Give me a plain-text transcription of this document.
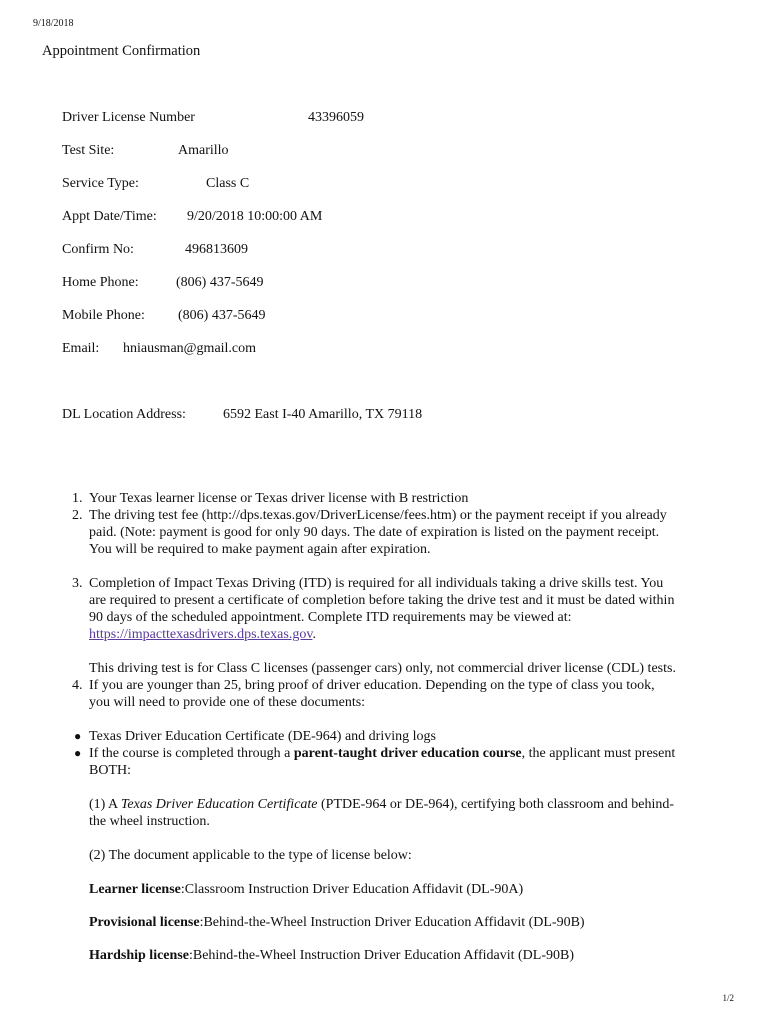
9/18/2018
Appointment Confirmation
Driver License Number	43396059
Test Site:	Amarillo
Service Type:	Class C
Appt Date/Time: 9/20/2018 10:00:00 AM
Confirm No:	496813609
Home Phone:	(806) 437-5649
Mobile Phone: (806) 437-5649
Email: hniausman@gmail.com
DL Location Address:	6592 East I-40 Amarillo, TX 79118
1. Your Texas learner license or Texas driver license with B restriction

2. The driving test fee (http://dps.texas.gov/DriverLicense/fees.htm) or the payment receipt if you already paid. (Note: payment is good for only 90 days. The date of expiration is listed on the payment receipt. You will be required to make payment again after expiration.

3. Completion of Impact Texas Driving (ITD) is required for all individuals taking a drive skills test. You are required to present a certificate of completion before taking the drive test and it must be dated within 90 days of the scheduled appointment. Complete ITD requirements may be viewed at: https://impacttexasdrivers.dps.texas.gov.

This driving test is for Class C licenses (passenger cars) only, not commercial driver license (CDL) tests.

4. If you are younger than 25, bring proof of driver education. Depending on the type of class you took, you will need to provide one of these documents:

● Texas Driver Education Certificate (DE-964) and driving logs

● If the course is completed through a parent-taught driver education course, the applicant must present BOTH:

(1) A Texas Driver Education Certificate (PTDE-964 or DE-964), certifying both classroom and behind-the wheel instruction.

(2) The document applicable to the type of license below:

Learner license:Classroom Instruction Driver Education Affidavit (DL-90A)

Provisional license:Behind-the-Wheel Instruction Driver Education Affidavit (DL-90B)

Hardship license:Behind-the-Wheel Instruction Driver Education Affidavit (DL-90B)

1/2
